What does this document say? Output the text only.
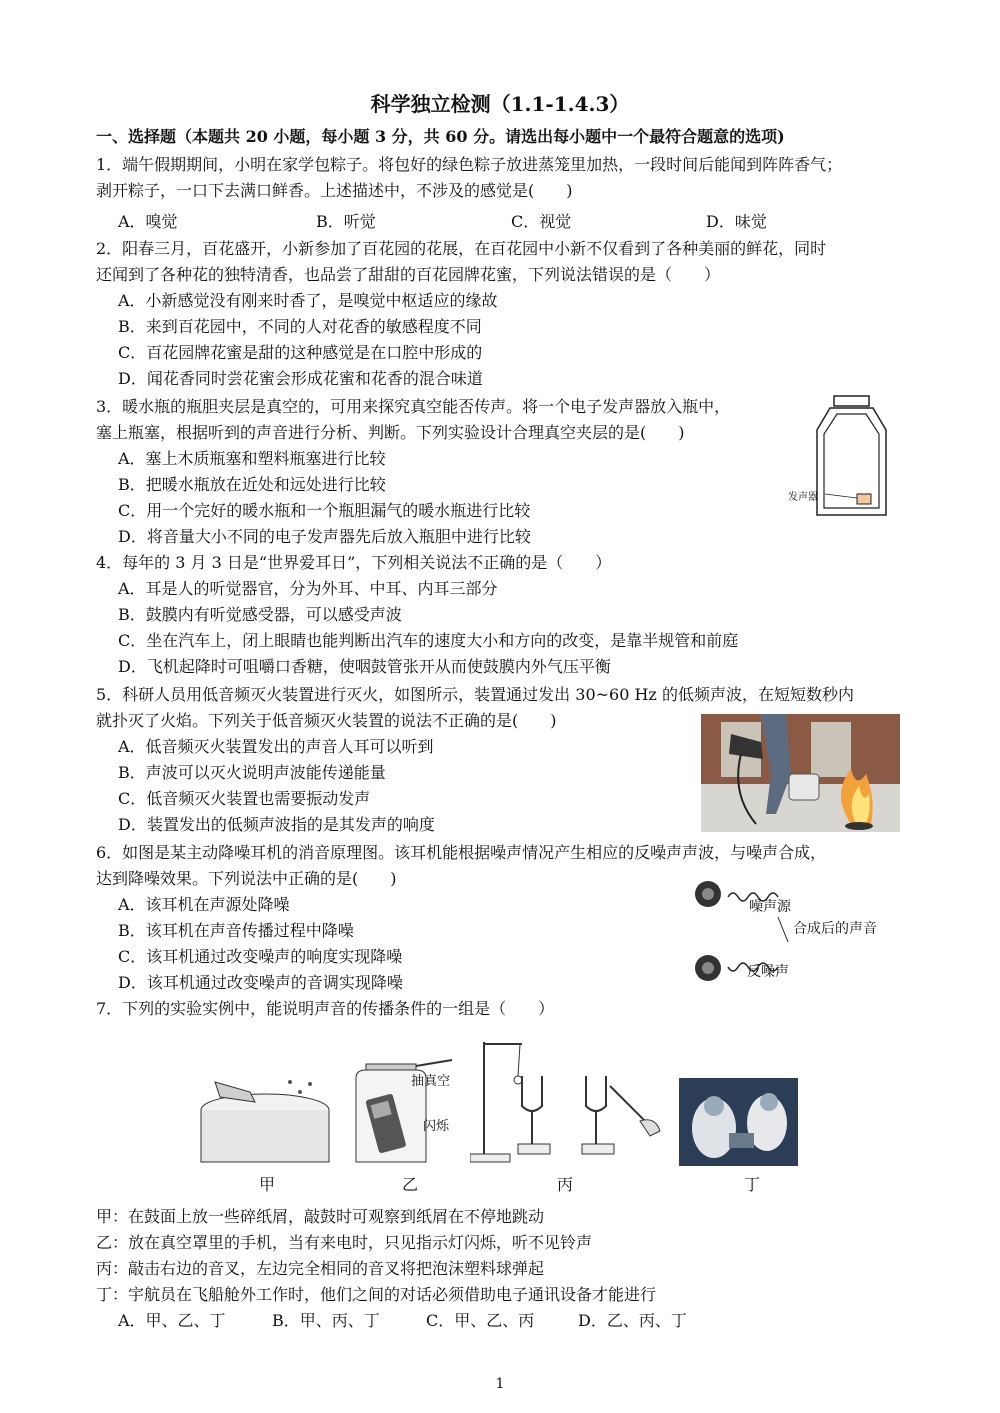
科学独立检测（1.1-1.4.3）
一、选择题（本题共 20 小题，每小题 3 分，共 60 分。请选出每小题中一个最符合题意的选项)
1．端午假期期间，小明在家学包粽子。将包好的绿色粽子放进蒸笼里加热，一段时间后能闻到阵阵香气；
剥开粽子，一口下去满口鲜香。上述描述中，不涉及的感觉是(　　)
A．嗅觉	B．听觉	C．视觉	D．味觉
2．阳春三月，百花盛开，小新参加了百花园的花展，在百花园中小新不仅看到了各种美丽的鲜花，同时
还闻到了各种花的独特清香，也品尝了甜甜的百花园牌花蜜，下列说法错误的是（　　）
A．小新感觉没有刚来时香了，是嗅觉中枢适应的缘故
B．来到百花园中，不同的人对花香的敏感程度不同
C．百花园牌花蜜是甜的这种感觉是在口腔中形成的
D．闻花香同时尝花蜜会形成花蜜和花香的混合味道
3．暖水瓶的瓶胆夹层是真空的，可用来探究真空能否传声。将一个电子发声器放入瓶中，
塞上瓶塞，根据听到的声音进行分析、判断。下列实验设计合理真空夹层的是(　　)
A．塞上木质瓶塞和塑料瓶塞进行比较
B．把暖水瓶放在近处和远处进行比较
C．用一个完好的暖水瓶和一个瓶胆漏气的暖水瓶进行比较
D．将音量大小不同的电子发声器先后放入瓶胆中进行比较
发声器
4．每年的 3 月 3 日是“世界爱耳日”，下列相关说法不正确的是（　　）
A．耳是人的听觉器官，分为外耳、中耳、内耳三部分
B．鼓膜内有听觉感受器，可以感受声波
C．坐在汽车上，闭上眼睛也能判断出汽车的速度大小和方向的改变，是靠半规管和前庭
D．飞机起降时可咀嚼口香糖，使咽鼓管张开从而使鼓膜内外气压平衡
5．科研人员用低音频灭火装置进行灭火，如图所示，装置通过发出 30~60 Hz 的低频声波，在短短数秒内
就扑灭了火焰。下列关于低音频灭火装置的说法不正确的是(　　)
A．低音频灭火装置发出的声音人耳可以听到
B．声波可以灭火说明声波能传递能量
C．低音频灭火装置也需要振动发声
D．装置发出的低频声波指的是其发声的响度
6．如图是某主动降噪耳机的消音原理图。该耳机能根据噪声情况产生相应的反噪声声波，与噪声合成，
达到降噪效果。下列说法中正确的是(　　)
A．该耳机在声源处降噪
B．该耳机在声音传播过程中降噪
C．该耳机通过改变噪声的响度实现降噪
D．该耳机通过改变噪声的音调实现降噪
噪声源
合成后的声音
反噪声
7．下列的实验实例中，能说明声音的传播条件的一组是（　　）
抽真空
闪烁
甲	乙	丙	丁
甲：在鼓面上放一些碎纸屑，敲鼓时可观察到纸屑在不停地跳动
乙：放在真空罩里的手机，当有来电时，只见指示灯闪烁，听不见铃声
丙：敲击右边的音叉，左边完全相同的音叉将把泡沫塑料球弹起
丁：宇航员在飞船舱外工作时，他们之间的对话必须借助电子通讯设备才能进行
A．甲、乙、丁	B．甲、丙、丁	C．甲、乙、丙	D．乙、丙、丁
1
